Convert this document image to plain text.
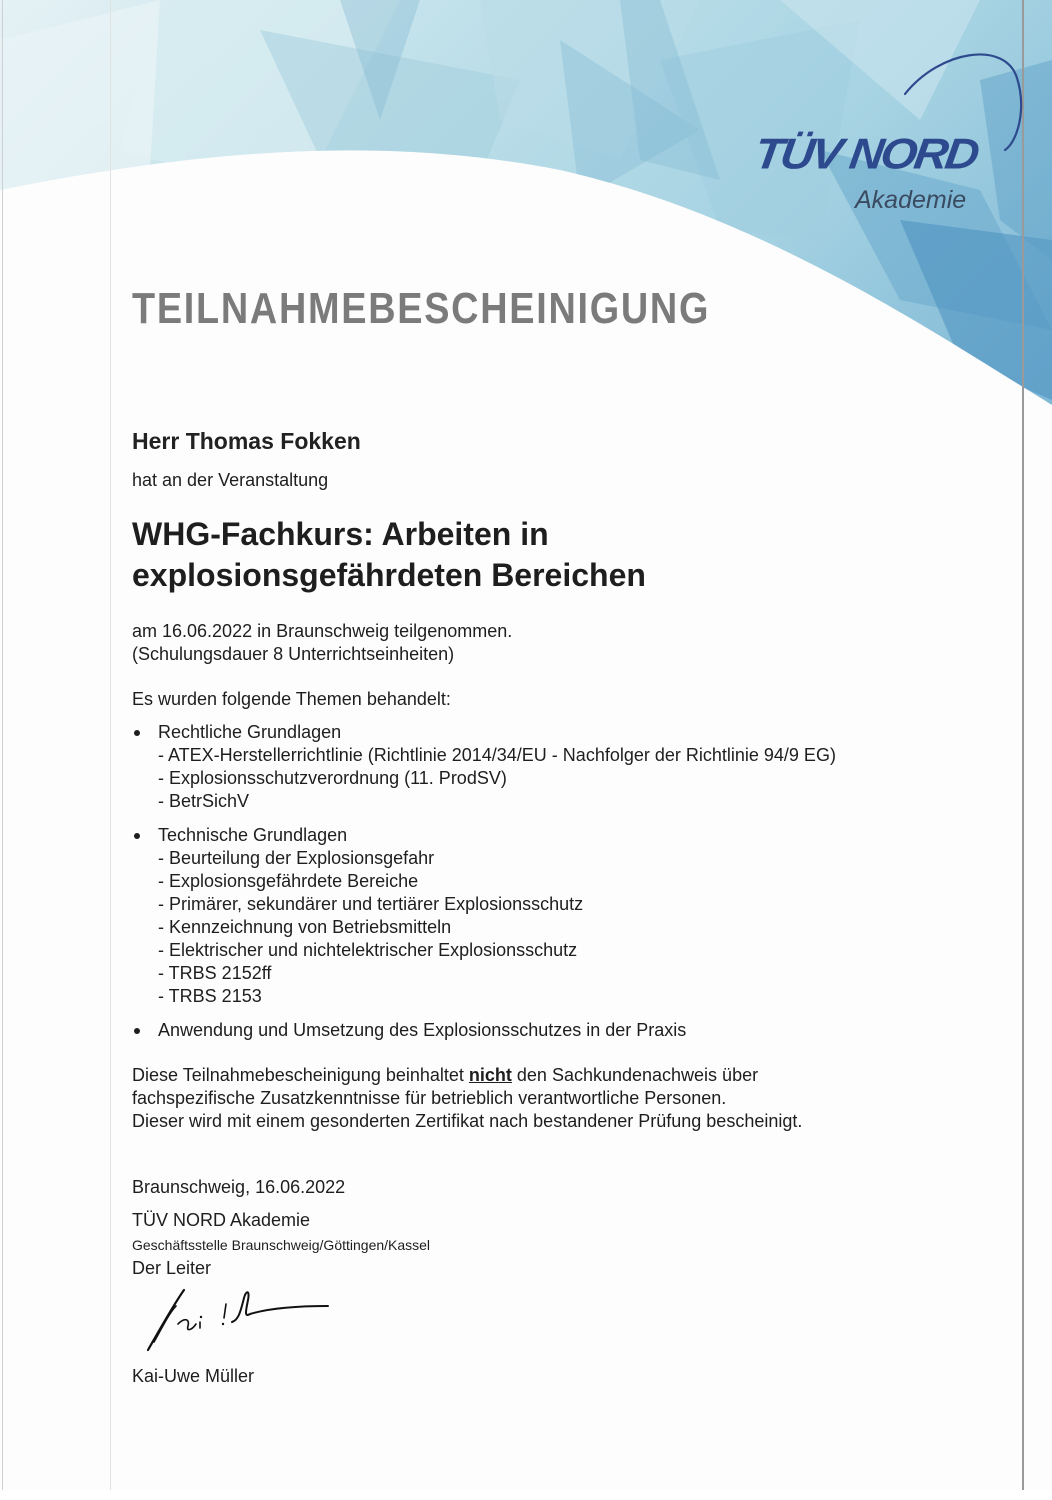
TÜV NORD
Akademie
TEILNAHMEBESCHEINIGUNG
Herr Thomas Fokken
hat an der Veranstaltung
WHG-Fachkurs: Arbeiten in
explosionsgefährdeten Bereichen
am 16.06.2022 in Braunschweig teilgenommen.
(Schulungsdauer 8 Unterrichtseinheiten)
Es wurden folgende Themen behandelt:
Rechtliche Grundlagen
- ATEX-Herstellerrichtlinie (Richtlinie 2014/34/EU - Nachfolger der Richtlinie 94/9 EG)
- Explosionsschutzverordnung (11. ProdSV)
- BetrSichV
Technische Grundlagen
- Beurteilung der Explosionsgefahr
- Explosionsgefährdete Bereiche
- Primärer, sekundärer und tertiärer Explosionsschutz
- Kennzeichnung von Betriebsmitteln
- Elektrischer und nichtelektrischer Explosionsschutz
- TRBS 2152ff
- TRBS 2153
Anwendung und Umsetzung des Explosionsschutzes in der Praxis
Diese Teilnahmebescheinigung beinhaltet nicht den Sachkundenachweis über
fachspezifische Zusatzkenntnisse für betrieblich verantwortliche Personen.
Dieser wird mit einem gesonderten Zertifikat nach bestandener Prüfung bescheinigt.
Braunschweig, 16.06.2022
TÜV NORD Akademie
Geschäftsstelle Braunschweig/Göttingen/Kassel
Der Leiter
Kai-Uwe Müller
